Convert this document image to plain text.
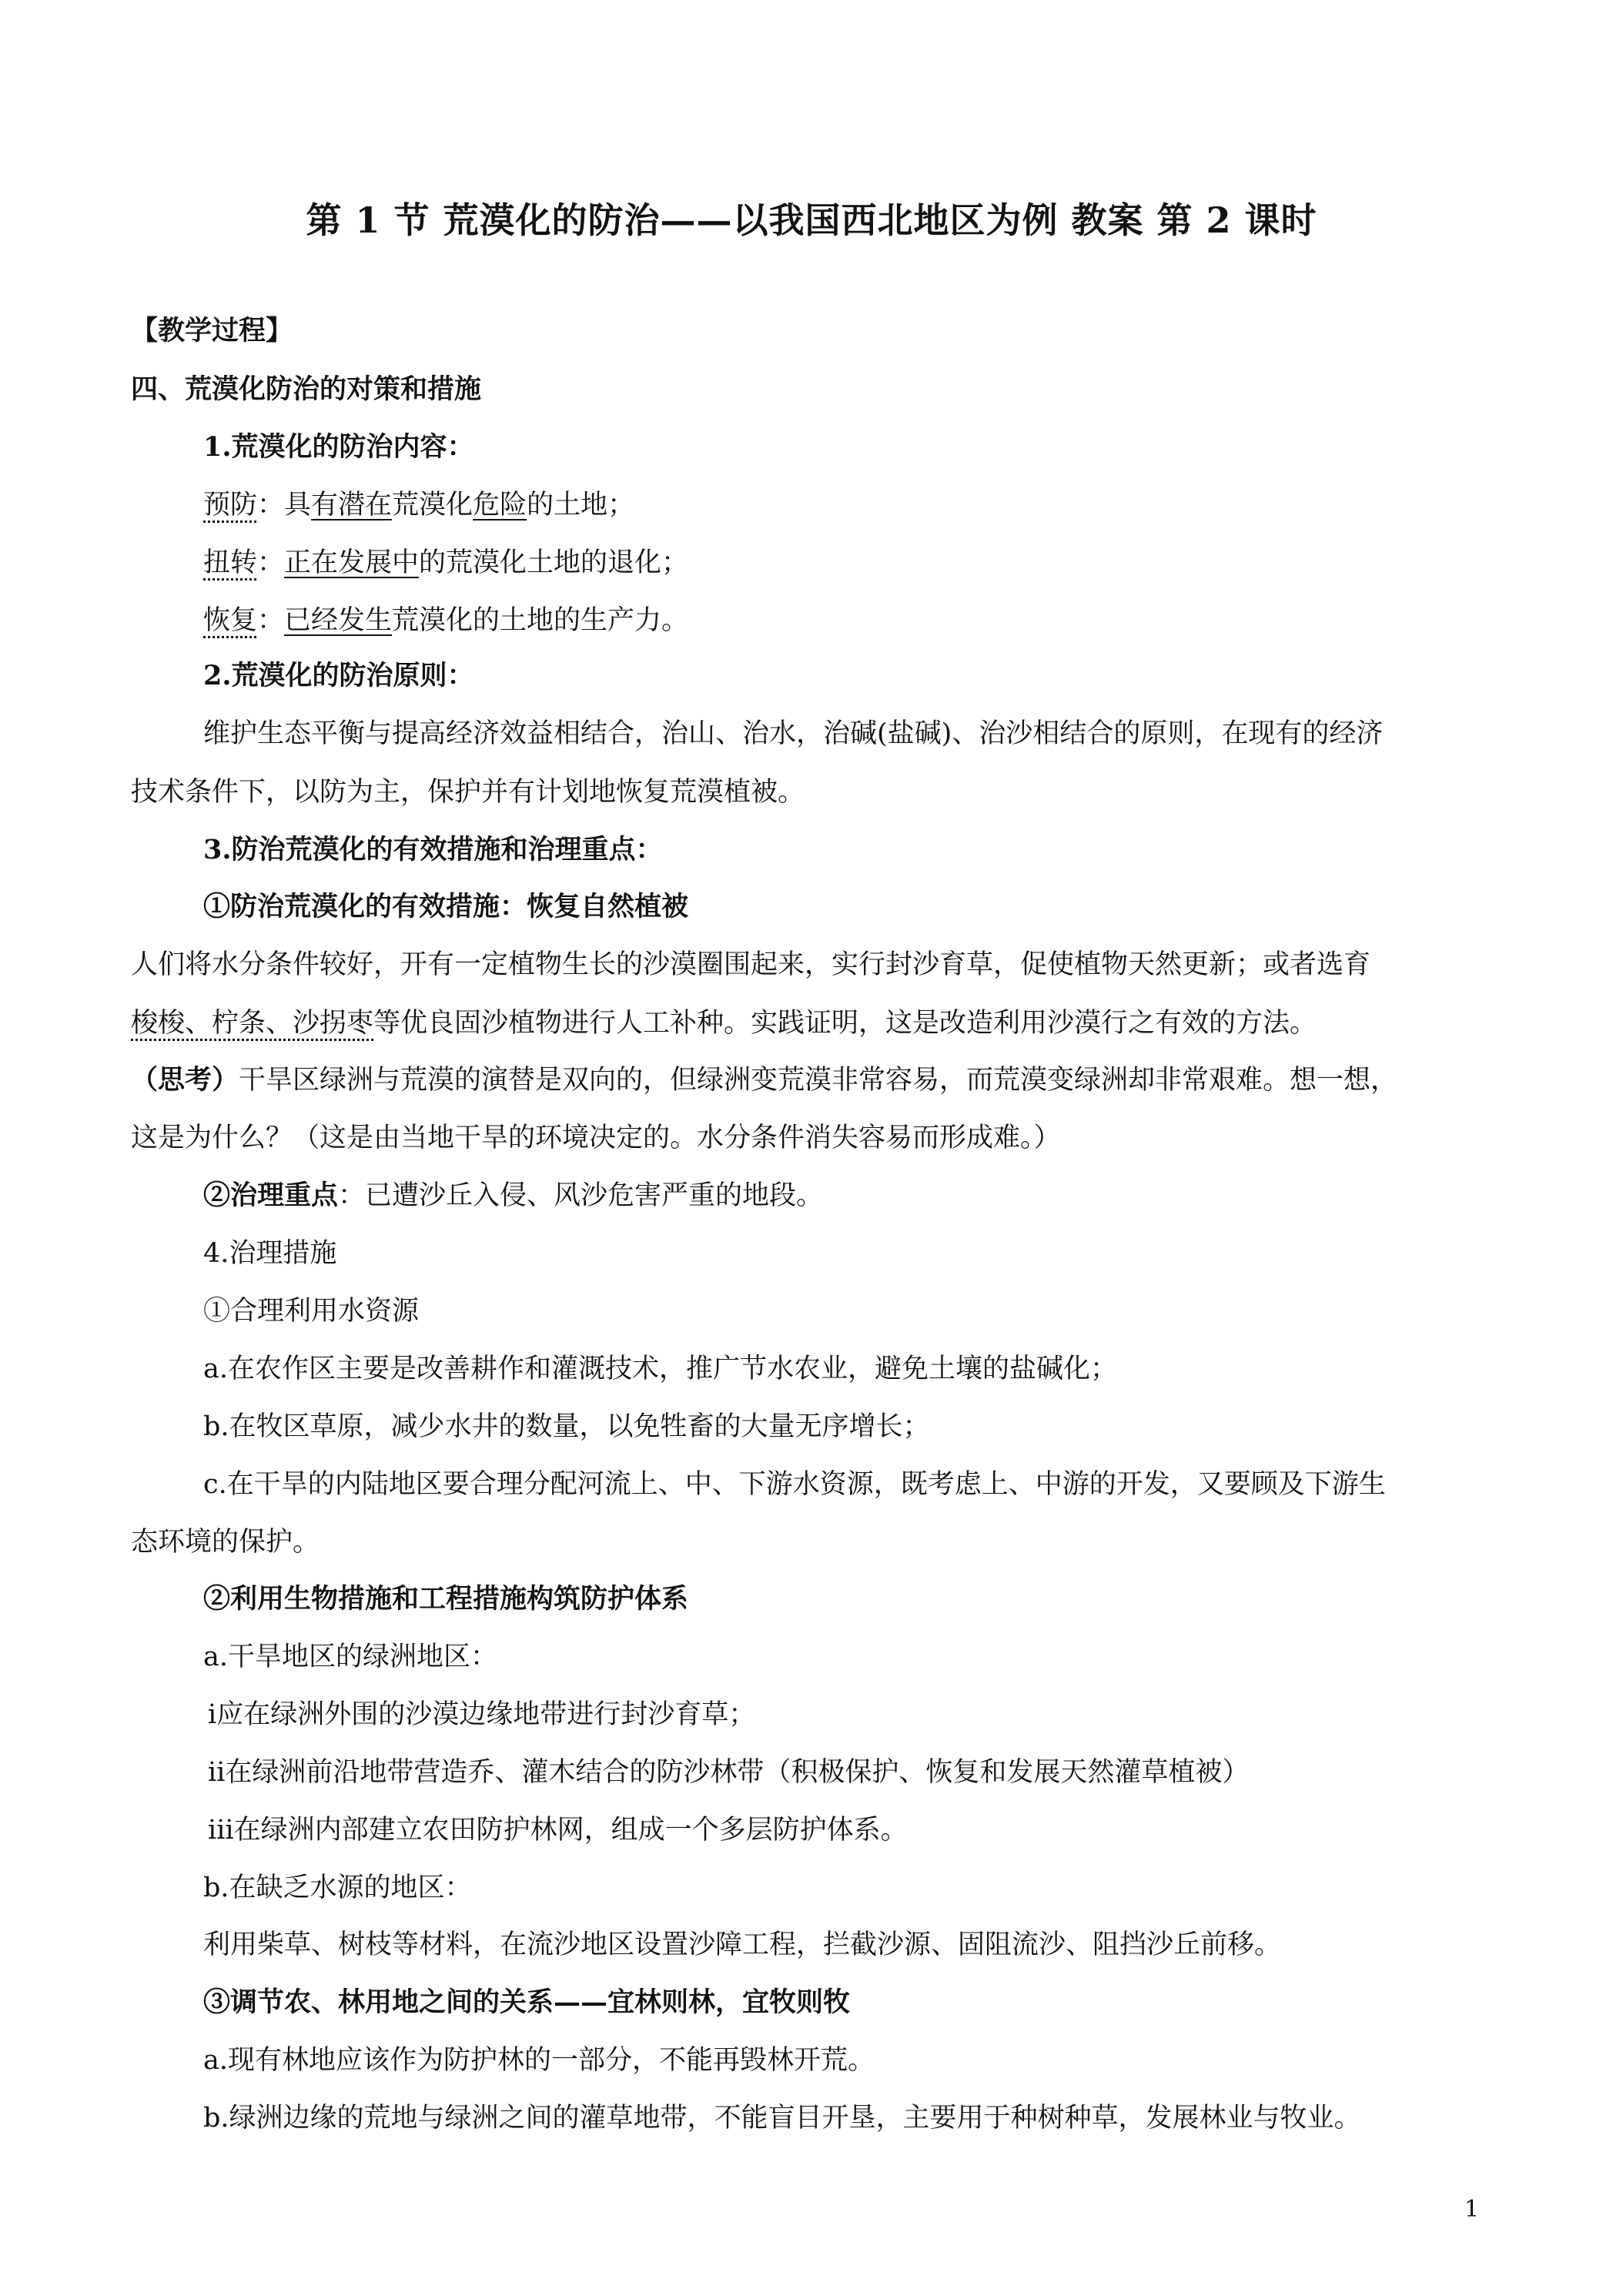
第 1 节 荒漠化的防治——以我国西北地区为例 教案 第 2 课时
【教学过程】
四、荒漠化防治的对策和措施
1.荒漠化的防治内容：
预防：具有潜在荒漠化危险的土地；
扭转：正在发展中的荒漠化土地的退化；
恢复：已经发生荒漠化的土地的生产力。
2.荒漠化的防治原则：
维护生态平衡与提高经济效益相结合，治山、治水，治碱(盐碱)、治沙相结合的原则，在现有的经济
技术条件下，以防为主，保护并有计划地恢复荒漠植被。
3.防治荒漠化的有效措施和治理重点：
①防治荒漠化的有效措施：恢复自然植被
人们将水分条件较好，开有一定植物生长的沙漠圈围起来，实行封沙育草，促使植物天然更新；或者选育
梭梭、柠条、沙拐枣等优良固沙植物进行人工补种。实践证明，这是改造利用沙漠行之有效的方法。
（思考）干旱区绿洲与荒漠的演替是双向的，但绿洲变荒漠非常容易，而荒漠变绿洲却非常艰难。想一想，
这是为什么？（这是由当地干旱的环境决定的。水分条件消失容易而形成难。）
②治理重点：已遭沙丘入侵、风沙危害严重的地段。
4.治理措施
①合理利用水资源
a.在农作区主要是改善耕作和灌溉技术，推广节水农业，避免土壤的盐碱化；
b.在牧区草原，减少水井的数量，以免牲畜的大量无序增长；
c.在干旱的内陆地区要合理分配河流上、中、下游水资源，既考虑上、中游的开发，又要顾及下游生
态环境的保护。
②利用生物措施和工程措施构筑防护体系
a.干旱地区的绿洲地区：
ⅰ应在绿洲外围的沙漠边缘地带进行封沙育草；
ⅱ在绿洲前沿地带营造乔、灌木结合的防沙林带（积极保护、恢复和发展天然灌草植被）
ⅲ在绿洲内部建立农田防护林网，组成一个多层防护体系。
b.在缺乏水源的地区：
利用柴草、树枝等材料，在流沙地区设置沙障工程，拦截沙源、固阻流沙、阻挡沙丘前移。
③调节农、林用地之间的关系——宜林则林，宜牧则牧
a.现有林地应该作为防护林的一部分，不能再毁林开荒。
b.绿洲边缘的荒地与绿洲之间的灌草地带，不能盲目开垦，主要用于种树种草，发展林业与牧业。
1
